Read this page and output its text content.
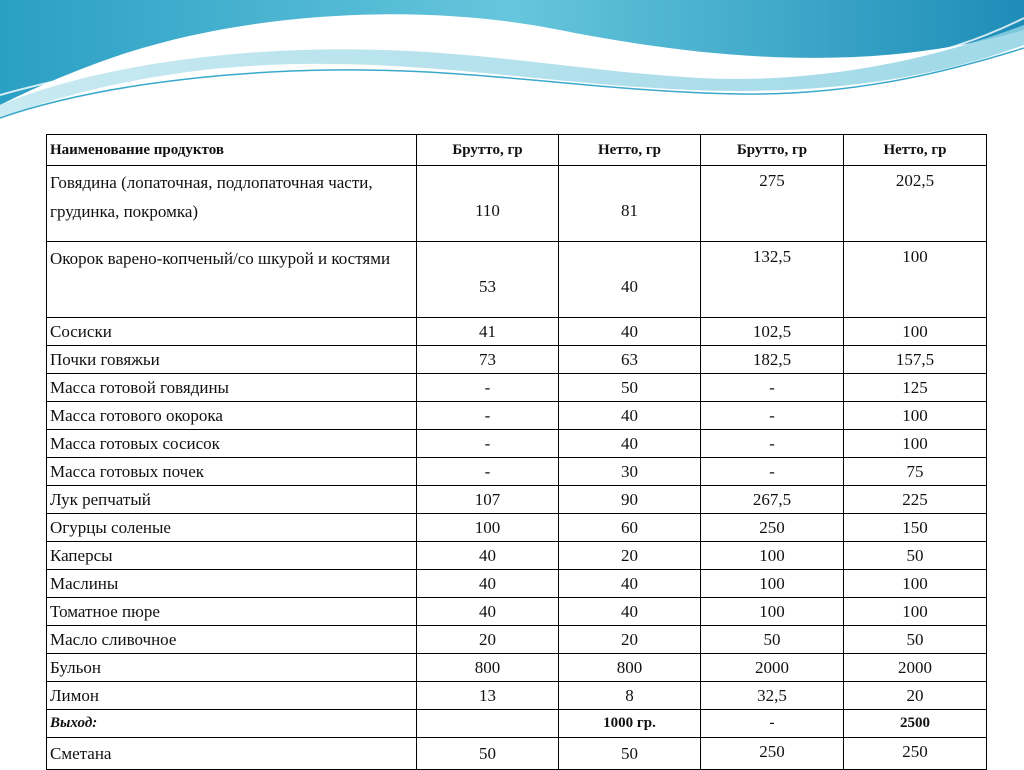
Наименование продуктов	Брутто, гр	Нетто, гр	Брутто, гр	Нетто, гр
Говядина (лопаточная, подлопаточная части, грудинка, покромка)	110	81	275	202,5
Окорок варено-копченый/со шкурой и костями	53	40	132,5	100
Сосиски	41	40	102,5	100
Почки говяжьи	73	63	182,5	157,5
Масса готовой говядины	-	50	-	125
Масса готового окорока	-	40	-	100
Масса готовых сосисок	-	40	-	100
Масса готовых почек	-	30	-	75
Лук репчатый	107	90	267,5	225
Огурцы соленые	100	60	250	150
Каперсы	40	20	100	50
Маслины	40	40	100	100
Томатное пюре	40	40	100	100
Масло сливочное	20	20	50	50
Бульон	800	800	2000	2000
Лимон	13	8	32,5	20
Выход:		1000 гр.	-	2500
Сметана	50	50	250	250
